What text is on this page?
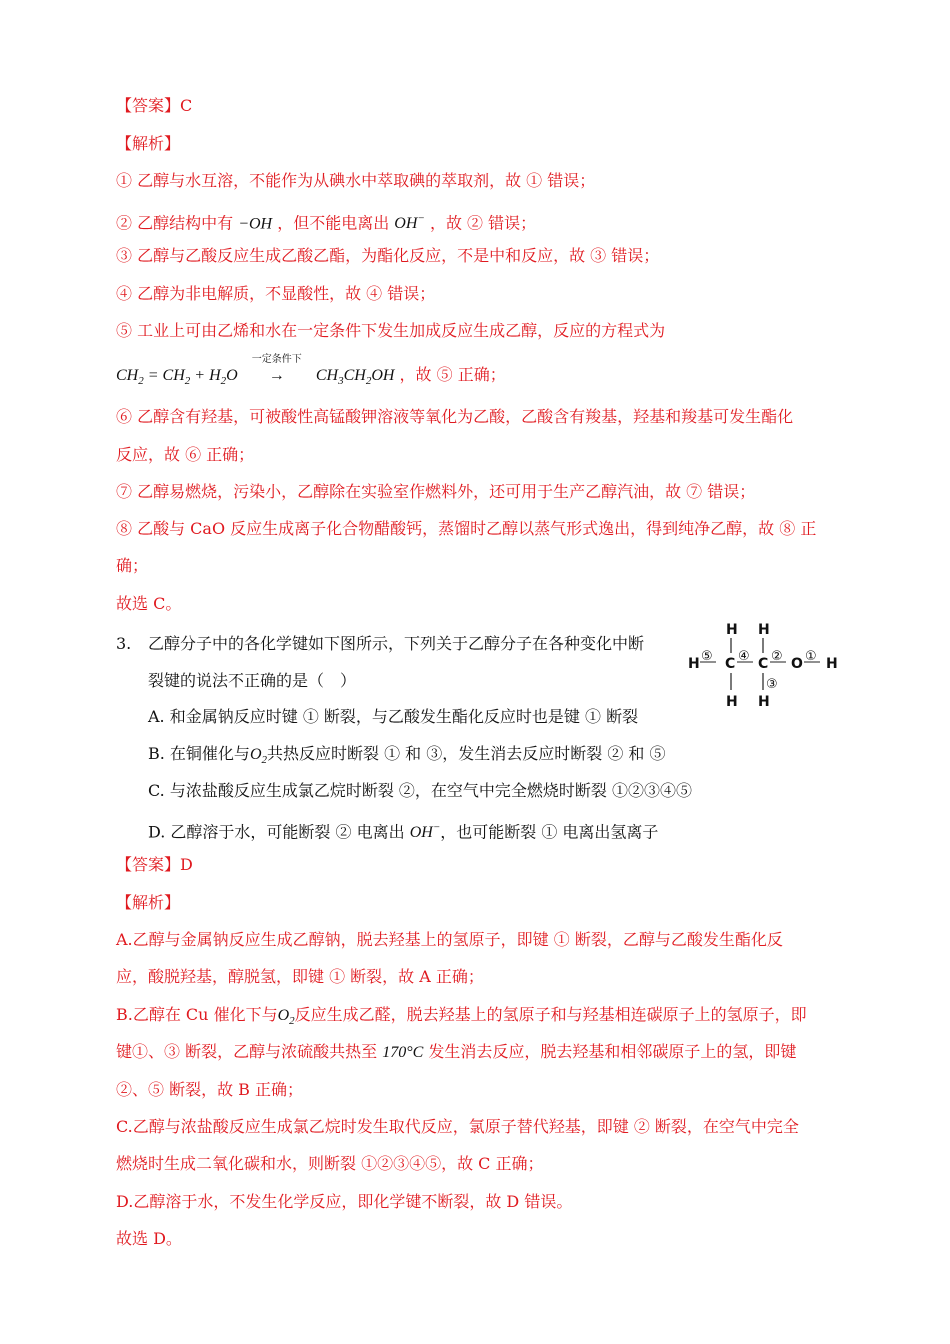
【答案】C
【解析】
① 乙醇与水互溶，不能作为从碘水中萃取碘的萃取剂，故 ① 错误；
② 乙醇结构中有 −OH ，但不能电离出 OH− ，故 ② 错误；
③ 乙醇与乙酸反应生成乙酸乙酯，为酯化反应，不是中和反应，故 ③ 错误；
④ 乙醇为非电解质，不显酸性，故 ④ 错误；
⑤ 工业上可由乙烯和水在一定条件下发生加成反应生成乙醇，反应的方程式为
$CH_2 = CH_2 + H_2O$
一定条件下
→ $CH_3CH_2OH$ ，故 ⑤ 正确；
⑥ 乙醇含有羟基，可被酸性高锰酸钾溶液等氧化为乙酸，乙酸含有羧基，羟基和羧基可发生酯化
反应，故 ⑥ 正确；
⑦ 乙醇易燃烧，污染小，乙醇除在实验室作燃料外，还可用于生产乙醇汽油，故 ⑦ 错误；
⑧ 乙酸与 CaO 反应生成离子化合物醋酸钙，蒸馏时乙醇以蒸气形式逸出，得到纯净乙醇，故 ⑧ 正
确；
故选 C。
3. 乙醇分子中的各化学键如下图所示，下列关于乙醇分子在各种变化中断
裂键的说法不正确的是（　）
A. 和金属钠反应时键 ① 断裂，与乙酸发生酯化反应时也是键 ① 断裂
B. 在铜催化与$O_2$共热反应时断裂 ① 和 ③，发生消去反应时断裂 ② 和 ⑤
C. 与浓盐酸反应生成氯乙烷时断裂 ②，在空气中完全燃烧时断裂 ①②③④⑤
D. 乙醇溶于水，可能断裂 ② 电离出 OH−，也可能断裂 ① 电离出氢离子
H H
H C C O H
H H
⑤ ④ ② ①
③
【答案】D
【解析】
A.乙醇与金属钠反应生成乙醇钠，脱去羟基上的氢原子，即键 ① 断裂，乙醇与乙酸发生酯化反
应，酸脱羟基，醇脱氢，即键 ① 断裂，故 A 正确；
B.乙醇在 Cu 催化下与$O_2$反应生成乙醛，脱去羟基上的氢原子和与羟基相连碳原子上的氢原子，即
键①、③ 断裂，乙醇与浓硫酸共热至 170°C 发生消去反应，脱去羟基和相邻碳原子上的氢，即键
②、⑤ 断裂，故 B 正确；
C.乙醇与浓盐酸反应生成氯乙烷时发生取代反应，氯原子替代羟基，即键 ② 断裂，在空气中完全
燃烧时生成二氧化碳和水，则断裂 ①②③④⑤，故 C 正确；
D.乙醇溶于水，不发生化学反应，即化学键不断裂，故 D 错误。
故选 D。
